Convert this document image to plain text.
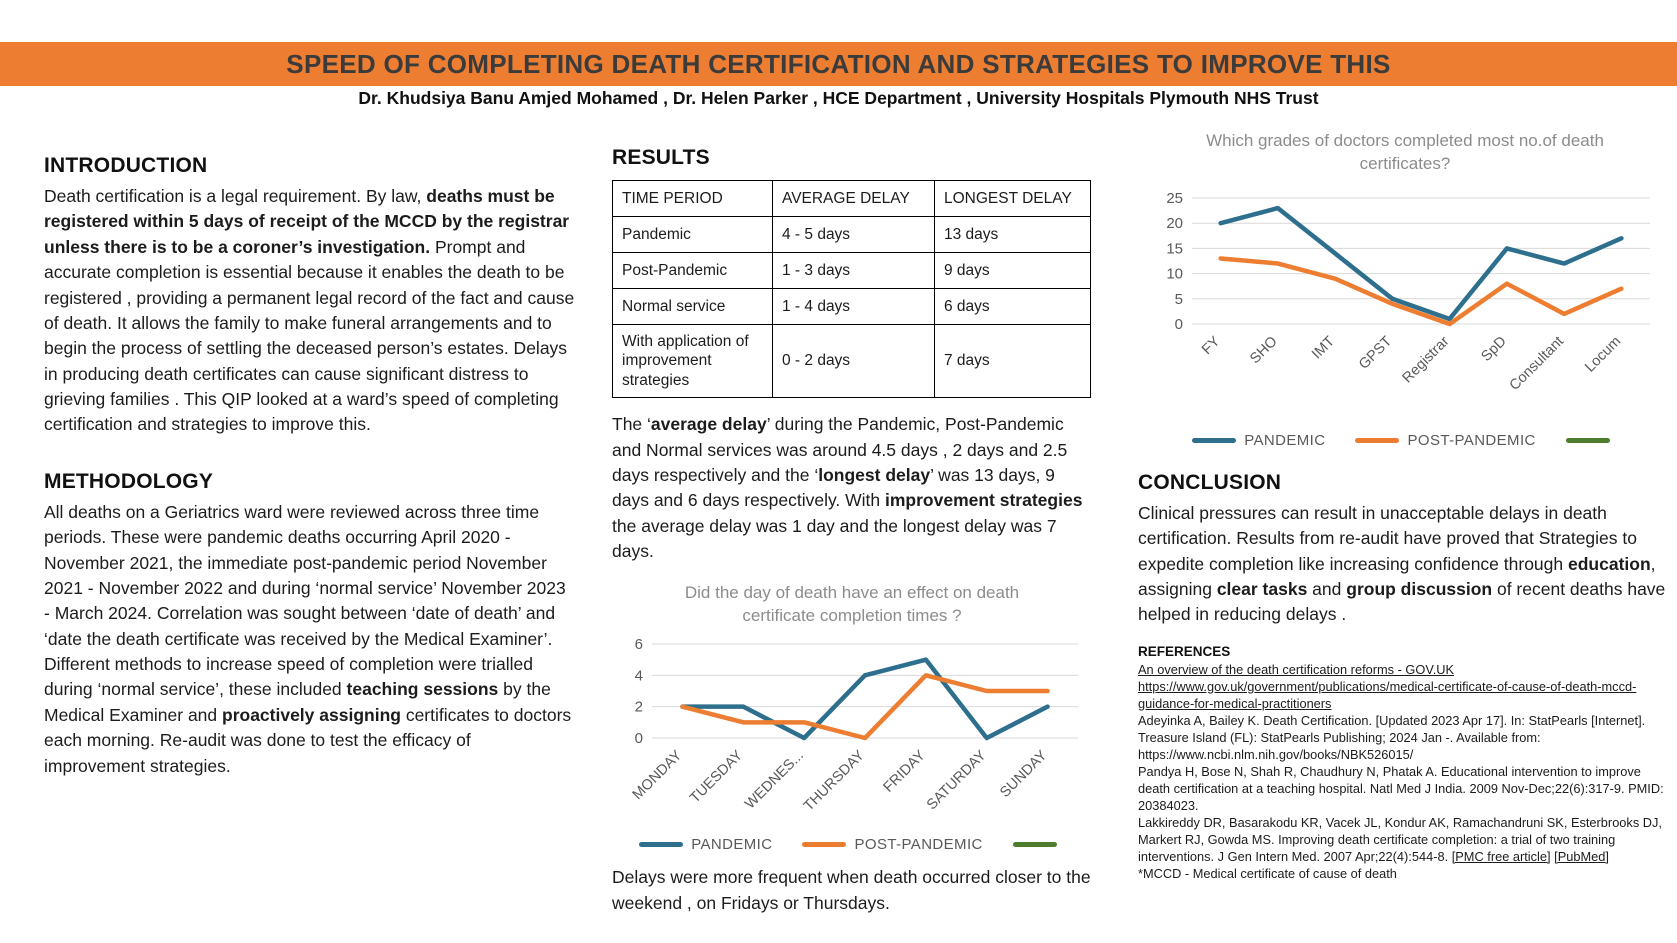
SPEED OF COMPLETING DEATH CERTIFICATION AND STRATEGIES TO IMPROVE THIS
Dr. Khudsiya Banu Amjed Mohamed , Dr. Helen Parker , HCE Department , University Hospitals Plymouth NHS Trust
INTRODUCTION

Death certification is a legal requirement. By law, deaths must be registered within 5 days of receipt of the MCCD by the registrar unless there is to be a coroner’s investigation. Prompt and accurate completion is essential because it enables the death to be registered , providing a permanent legal record of the fact and cause of death. It allows the family to make funeral arrangements and to begin the process of settling the deceased person’s estates. Delays in producing death certificates can cause significant distress to grieving families . This QIP looked at a ward’s speed of completing certification and strategies to improve this.

METHODOLOGY

All deaths on a Geriatrics ward were reviewed across three time periods. These were pandemic deaths occurring April 2020 - November 2021, the immediate post-pandemic period November 2021 - November 2022 and during ‘normal service’ November 2023 - March 2024. Correlation was sought between ‘date of death’ and ‘date the death certificate was received by the Medical Examiner’. Different methods to increase speed of completion were trialled during ‘normal service’, these included teaching sessions by the Medical Examiner and proactively assigning certificates to doctors each morning. Re-audit was done to test the efficacy of improvement strategies.

RESULTS
TIME PERIOD	AVERAGE DELAY	LONGEST DELAY
Pandemic	4 - 5 days	13 days
Post-Pandemic	1 - 3 days	9 days
Normal service	1 - 4 days	6 days
With application of improvement strategies	0 - 2 days	7 days

The ‘average delay’ during the Pandemic, Post-Pandemic and Normal services was around 4.5 days , 2 days and 2.5 days respectively and the ‘longest delay’ was 13 days, 9 days and 6 days respectively. With improvement strategies the average delay was 1 day and the longest delay was 7 days.

Did the day of death have an effect on death certificate completion times ?
0
2
4
6
MONDAY TUESDAY
WEDNES...
THURSDAY FRIDAY
SATURDAY SUNDAY
PANDEMIC	POST-PANDEMIC

Delays were more frequent when death occurred closer to the weekend , on Fridays or Thursdays.

Which grades of doctors completed most no.of death certificates?
0
5
10
15
20
25
FY SHO IMT GPST Registrar SpD
Consultant Locum
PANDEMIC	POST-PANDEMIC
CONCLUSION

Clinical pressures can result in unacceptable delays in death certification. Results from re-audit have proved that Strategies to expedite completion like increasing confidence through education, assigning clear tasks and group discussion of recent deaths have helped in reducing delays .

REFERENCES
An overview of the death certification reforms - GOV.UK
https://www.gov.uk/government/publications/medical-certificate-of-cause-of-death-mccd-guidance-for-medical-practitioners
Adeyinka A, Bailey K. Death Certification. [Updated 2023 Apr 17]. In: StatPearls [Internet]. Treasure Island (FL): StatPearls Publishing; 2024 Jan -. Available from: https://www.ncbi.nlm.nih.gov/books/NBK526015/
Pandya H, Bose N, Shah R, Chaudhury N, Phatak A. Educational intervention to improve death certification at a teaching hospital. Natl Med J India. 2009 Nov-Dec;22(6):317-9. PMID: 20384023.
Lakkireddy DR, Basarakodu KR, Vacek JL, Kondur AK, Ramachandruni SK, Esterbrooks DJ, Markert RJ, Gowda MS. Improving death certificate completion: a trial of two training interventions. J Gen Intern Med. 2007 Apr;22(4):544-8. [PMC free article] [PubMed]
*MCCD - Medical certificate of cause of death
